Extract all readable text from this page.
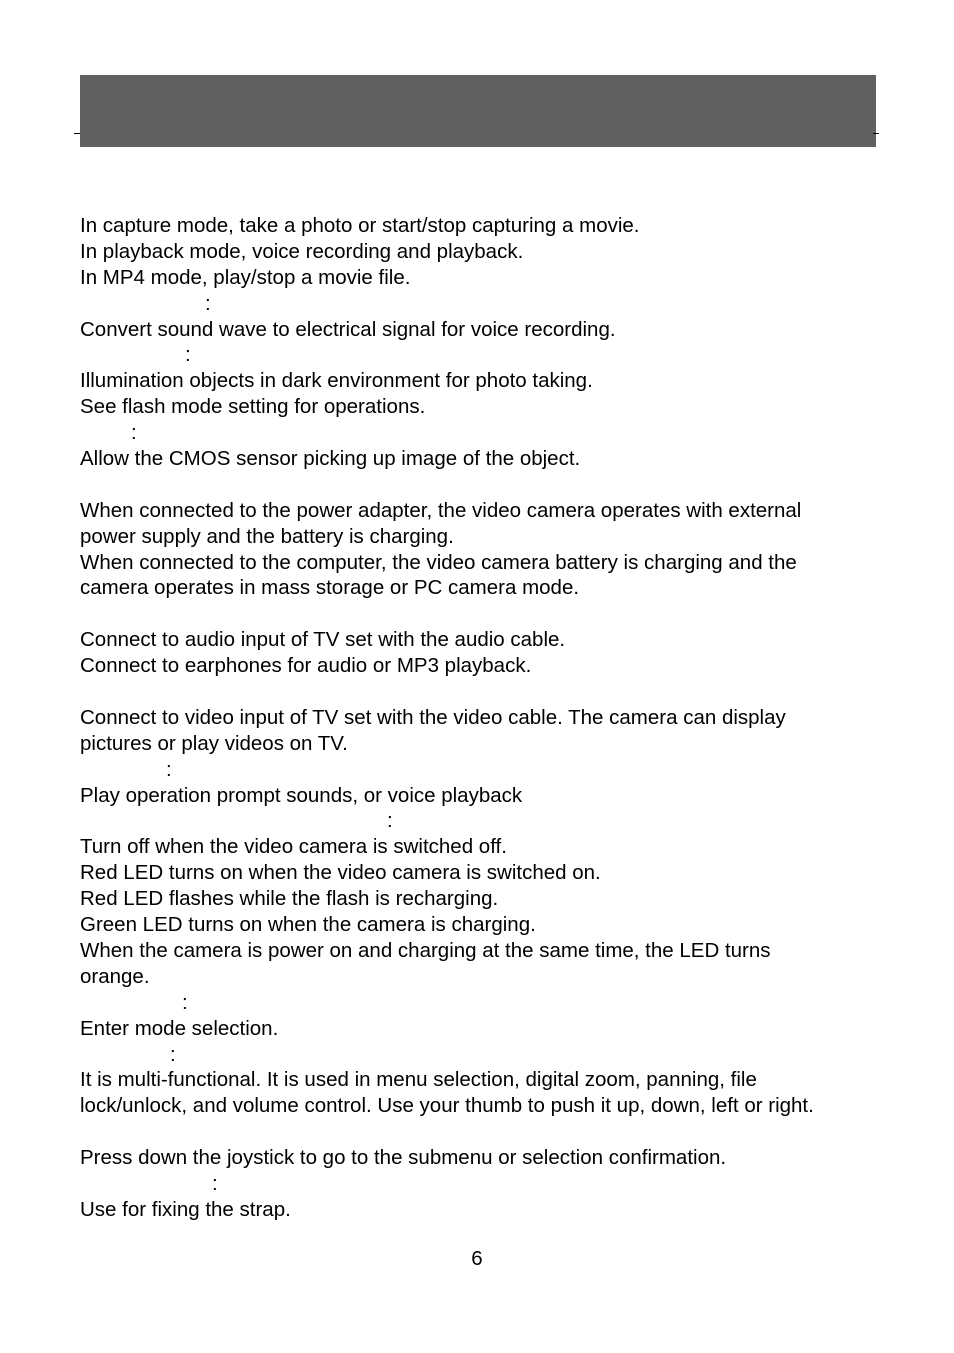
In capture mode, take a photo or start/stop capturing a movie.
In playback mode, voice recording and playback.
In MP4 mode, play/stop a movie file.
:
Convert sound wave to electrical signal for voice recording.
:
Illumination objects in dark environment for photo taking.
See flash mode setting for operations.
:
Allow the CMOS sensor picking up image of the object.
When connected to the power adapter, the video camera operates with external
power supply and the battery is charging.
When connected to the computer, the video camera battery is charging and the
camera operates in mass storage or PC camera mode.
Connect to audio input of TV set with the audio cable.
Connect to earphones for audio or MP3 playback.
Connect to video input of TV set with the video cable. The camera can display
pictures or play videos on TV.
:
Play operation prompt sounds, or voice playback
:
Turn off when the video camera is switched off.
Red LED turns on when the video camera is switched on.
Red LED flashes while the flash is recharging.
Green LED turns on when the camera is charging.
When the camera is power on and charging at the same time, the LED turns
orange.
:
Enter mode selection.
:
It is multi-functional. It is used in menu selection, digital zoom, panning, file
lock/unlock, and volume control. Use your thumb to push it up, down, left or right.
Press down the joystick to go to the submenu or selection confirmation.
:
Use for fixing the strap.
6
